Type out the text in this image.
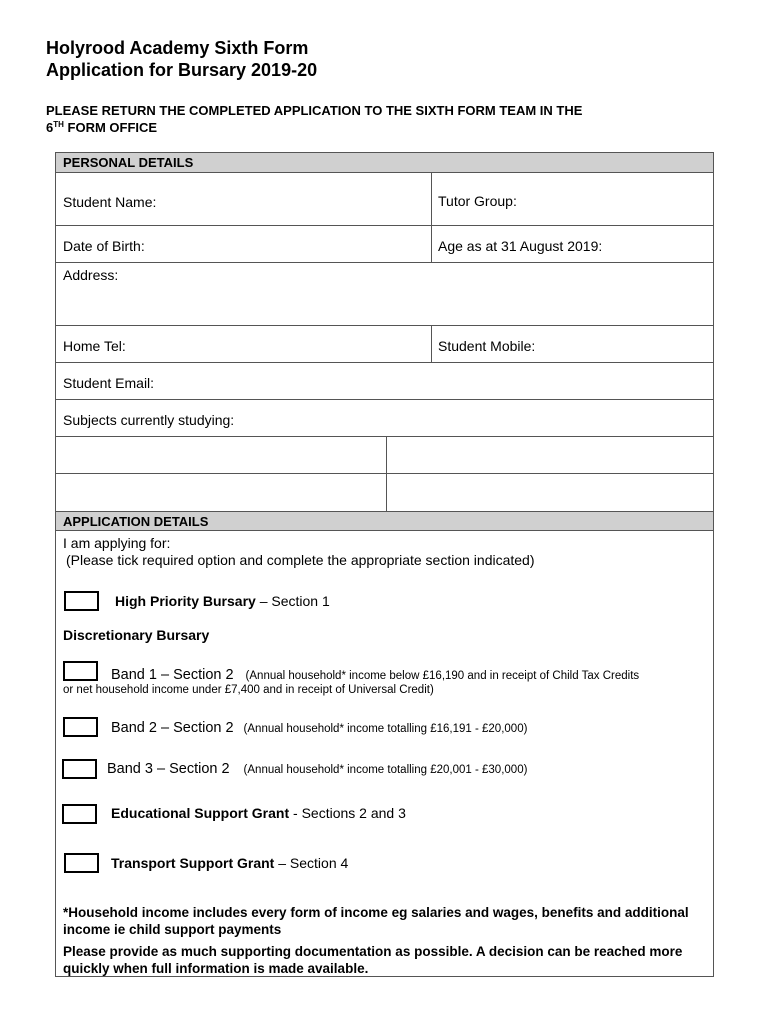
Holyrood Academy Sixth Form
Application for Bursary 2019-20
PLEASE RETURN THE COMPLETED APPLICATION TO THE SIXTH FORM TEAM IN THE
6TH FORM OFFICE
PERSONAL DETAILS
Student Name:	Tutor Group:
Date of Birth:	Age as at 31 August 2019:
Address:
Home Tel:	Student Mobile:
Student Email:
Subjects currently studying:
APPLICATION DETAILS
I am applying for:
(Please tick required option and complete the appropriate section indicated)
High Priority Bursary – Section 1
Discretionary Bursary
Band 1 – Section 2 (Annual household* income below £16,190 and in receipt of Child Tax Credits
or net household income under £7,400 and in receipt of Universal Credit)
Band 2 – Section 2 (Annual household* income totalling £16,191 - £20,000)
Band 3 – Section 2 (Annual household* income totalling £20,001 - £30,000)
Educational Support Grant - Sections 2 and 3
Transport Support Grant – Section 4
*Household income includes every form of income eg salaries and wages, benefits and additional income ie child support payments
Please provide as much supporting documentation as possible. A decision can be reached more quickly when full information is made available.
